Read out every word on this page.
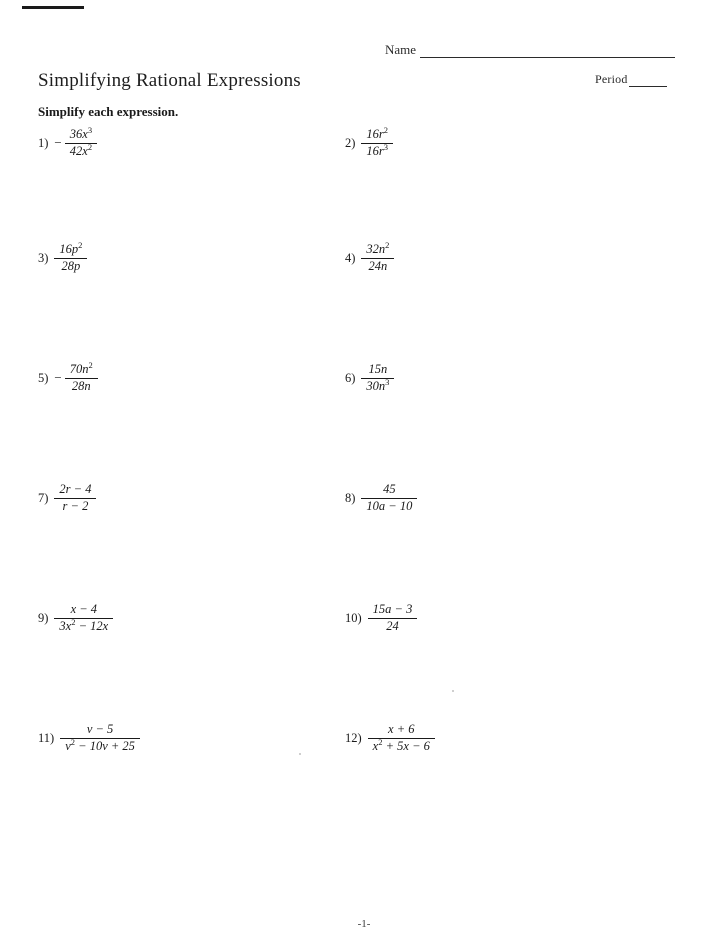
Name
Period
Simplifying Rational Expressions
Simplify each expression.
$1) - \frac{36x^3}{42x^2}$	$2) \frac{16r^2}{16r^3}$
$3) \frac{16p^2}{28p}$	$4) \frac{32n^2}{24n}$
$5) - \frac{70n^2}{28n}$	$6) \frac{15n}{30n^3}$
$7) \frac{2r - 4}{r - 2}$	$8) \frac{45}{10a - 10}$
$9) \frac{x - 4}{3x^2 - 12x}$	$10) \frac{15a - 3}{24}$
$11) \frac{v - 5}{v^2 - 10v + 25}$	$12) \frac{x + 6}{x^2 + 5x - 6}$
-1-
